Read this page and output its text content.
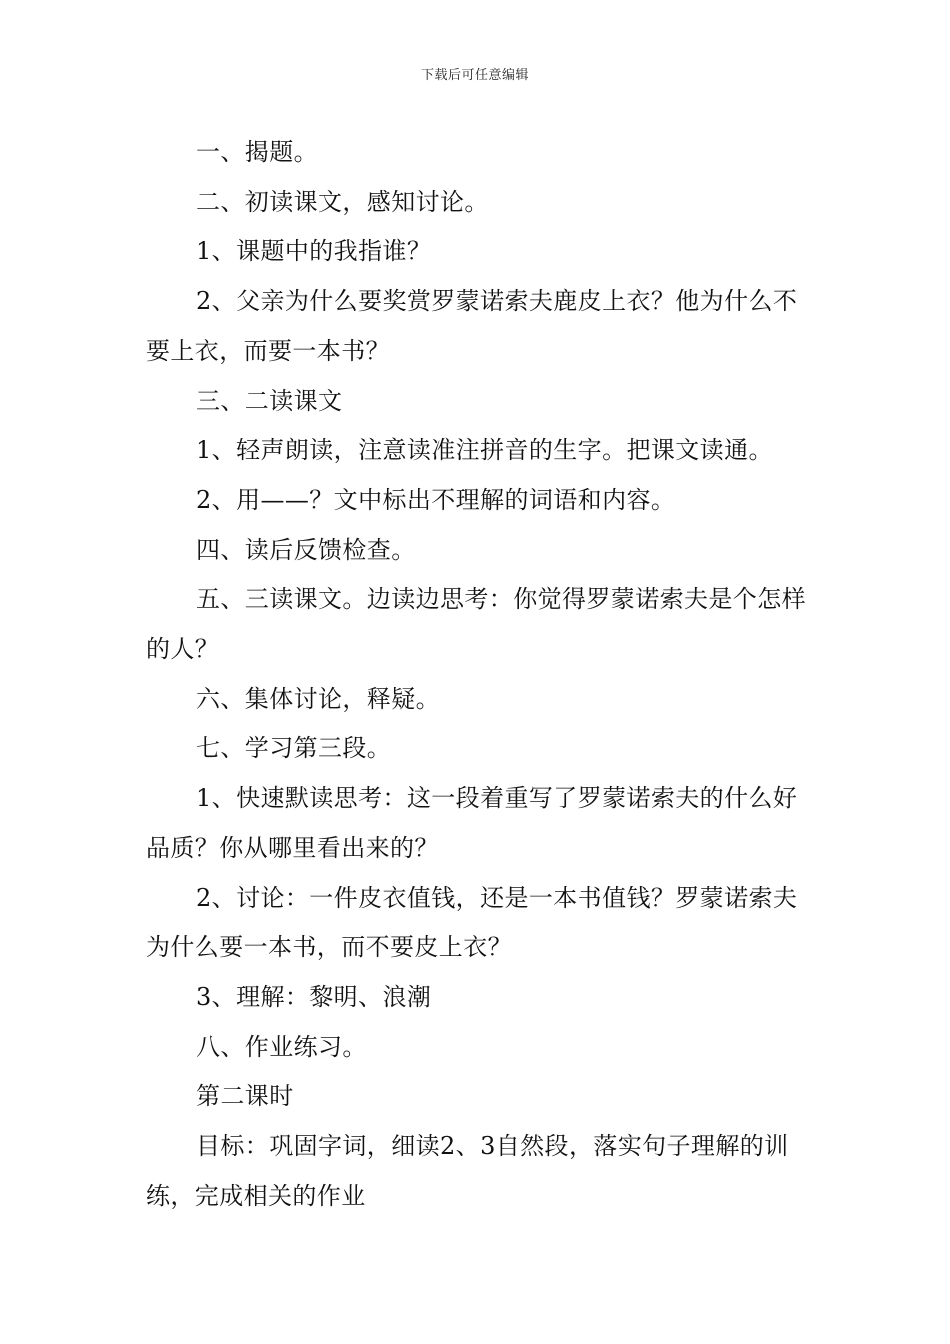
下载后可任意编辑

一、揭题。

二、初读课文，感知讨论。

1、课题中的我指谁？

2、父亲为什么要奖赏罗蒙诺索夫鹿皮上衣？他为什么不要上衣，而要一本书？

三、二读课文

1、轻声朗读，注意读准注拼音的生字。把课文读通。

2、用——？文中标出不理解的词语和内容。

四、读后反馈检查。

五、三读课文。边读边思考：你觉得罗蒙诺索夫是个怎样的人？

六、集体讨论，释疑。

七、学习第三段。

1、快速默读思考：这一段着重写了罗蒙诺索夫的什么好品质？你从哪里看出来的？

2、讨论：一件皮衣值钱，还是一本书值钱？罗蒙诺索夫为什么要一本书，而不要皮上衣？

3、理解：黎明、浪潮

八、作业练习。

第二课时

目标：巩固字词，细读2、3自然段，落实句子理解的训练，完成相关的作业
